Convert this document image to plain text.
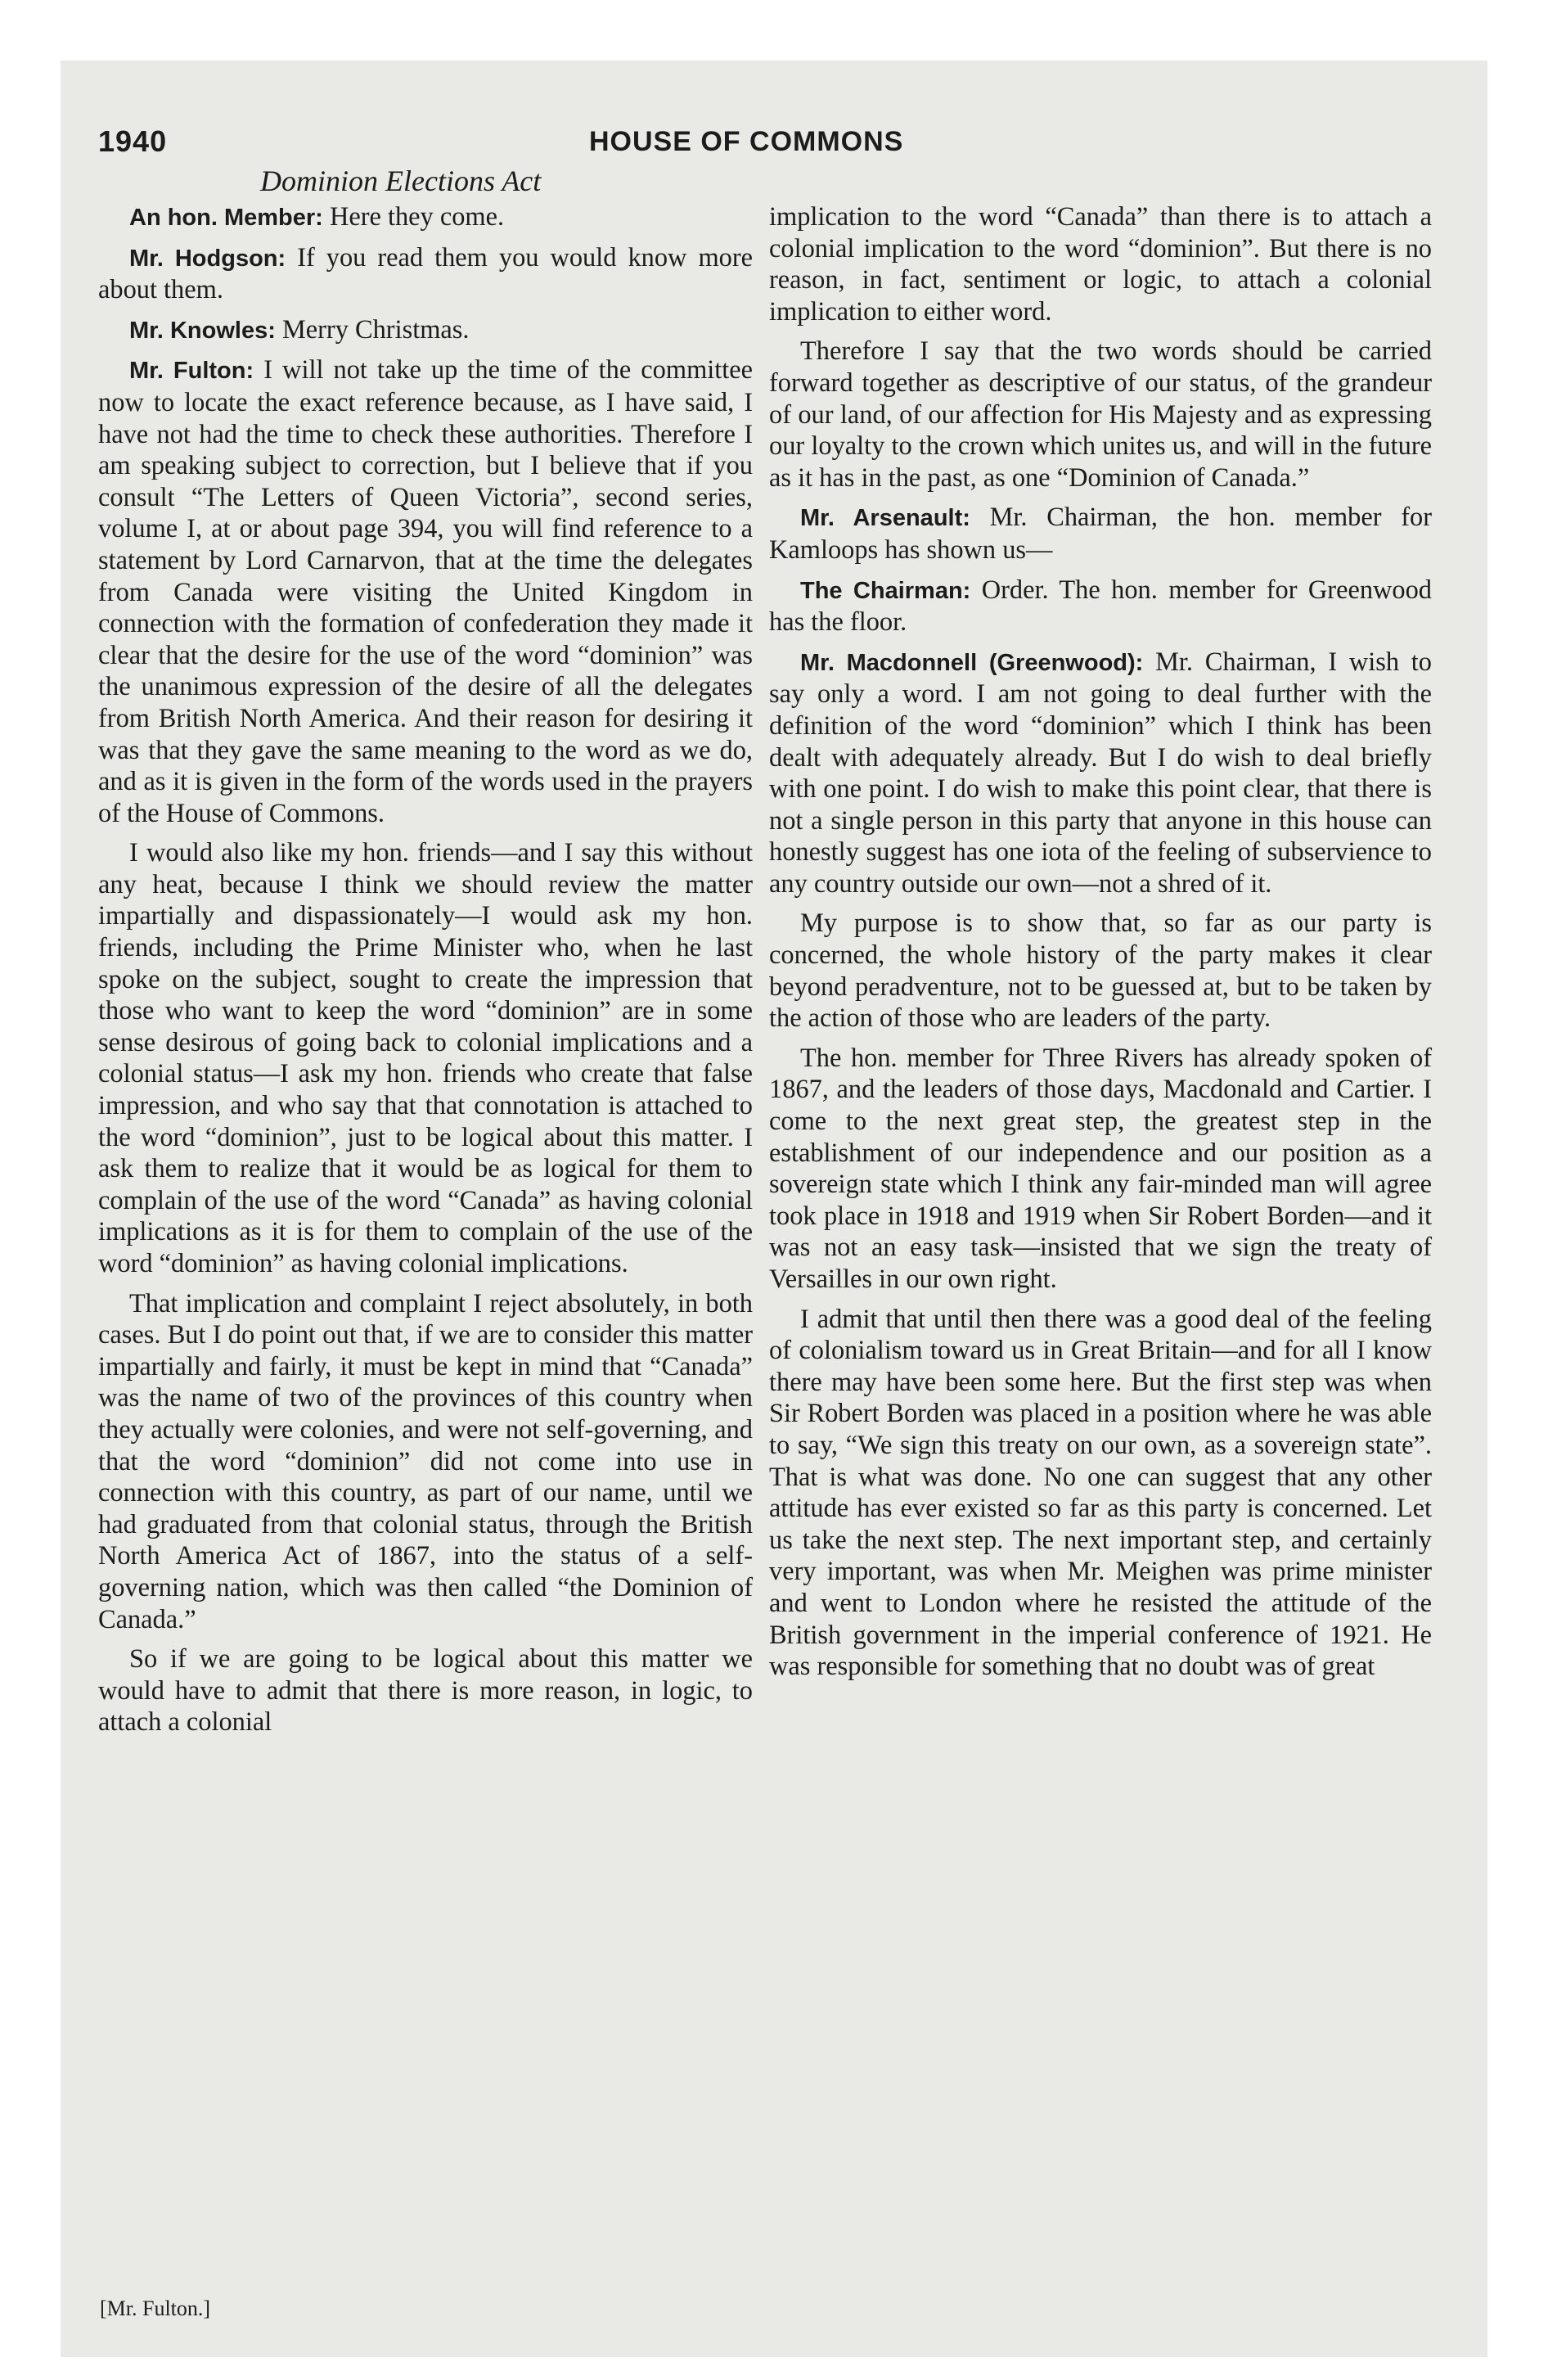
1940	HOUSE OF COMMONS
Dominion Elections Act

An hon. Member: Here they come.

Mr. Hodgson: If you read them you would know more about them.

Mr. Knowles: Merry Christmas.

Mr. Fulton: I will not take up the time of the committee now to locate the exact reference because, as I have said, I have not had the time to check these authorities. Therefore I am speaking subject to correction, but I believe that if you consult “The Letters of Queen Victoria”, second series, volume I, at or about page 394, you will find reference to a statement by Lord Carnarvon, that at the time the delegates from Canada were visiting the United Kingdom in connection with the formation of confederation they made it clear that the desire for the use of the word “dominion” was the unanimous expression of the desire of all the delegates from British North America. And their reason for desiring it was that they gave the same meaning to the word as we do, and as it is given in the form of the words used in the prayers of the House of Commons.

I would also like my hon. friends—and I say this without any heat, because I think we should review the matter impartially and dispassionately—I would ask my hon. friends, including the Prime Minister who, when he last spoke on the subject, sought to create the impression that those who want to keep the word “dominion” are in some sense desirous of going back to colonial implications and a colonial status—I ask my hon. friends who create that false impression, and who say that that connotation is attached to the word “dominion”, just to be logical about this matter. I ask them to realize that it would be as logical for them to complain of the use of the word “Canada” as having colonial implications as it is for them to complain of the use of the word “dominion” as having colonial implications.

That implication and complaint I reject absolutely, in both cases. But I do point out that, if we are to consider this matter impartially and fairly, it must be kept in mind that “Canada” was the name of two of the provinces of this country when they actually were colonies, and were not self-governing, and that the word “dominion” did not come into use in connection with this country, as part of our name, until we had graduated from that colonial status, through the British North America Act of 1867, into the status of a self-governing nation, which was then called “the Dominion of Canada.”

So if we are going to be logical about this matter we would have to admit that there is more reason, in logic, to attach a colonial

implication to the word “Canada” than there is to attach a colonial implication to the word “dominion”. But there is no reason, in fact, sentiment or logic, to attach a colonial implication to either word.

Therefore I say that the two words should be carried forward together as descriptive of our status, of the grandeur of our land, of our affection for His Majesty and as expressing our loyalty to the crown which unites us, and will in the future as it has in the past, as one “Dominion of Canada.”

Mr. Arsenault: Mr. Chairman, the hon. member for Kamloops has shown us—

The Chairman: Order. The hon. member for Greenwood has the floor.

Mr. Macdonnell (Greenwood): Mr. Chairman, I wish to say only a word. I am not going to deal further with the definition of the word “dominion” which I think has been dealt with adequately already. But I do wish to deal briefly with one point. I do wish to make this point clear, that there is not a single person in this party that anyone in this house can honestly suggest has one iota of the feeling of subservience to any country outside our own—not a shred of it.

My purpose is to show that, so far as our party is concerned, the whole history of the party makes it clear beyond peradventure, not to be guessed at, but to be taken by the action of those who are leaders of the party.

The hon. member for Three Rivers has already spoken of 1867, and the leaders of those days, Macdonald and Cartier. I come to the next great step, the greatest step in the establishment of our independence and our position as a sovereign state which I think any fair-minded man will agree took place in 1918 and 1919 when Sir Robert Borden—and it was not an easy task—insisted that we sign the treaty of Versailles in our own right.

I admit that until then there was a good deal of the feeling of colonialism toward us in Great Britain—and for all I know there may have been some here. But the first step was when Sir Robert Borden was placed in a position where he was able to say, “We sign this treaty on our own, as a sovereign state”. That is what was done. No one can suggest that any other attitude has ever existed so far as this party is concerned. Let us take the next step. The next important step, and certainly very important, was when Mr. Meighen was prime minister and went to London where he resisted the attitude of the British government in the imperial conference of 1921. He was responsible for something that no doubt was of great

[Mr. Fulton.]
